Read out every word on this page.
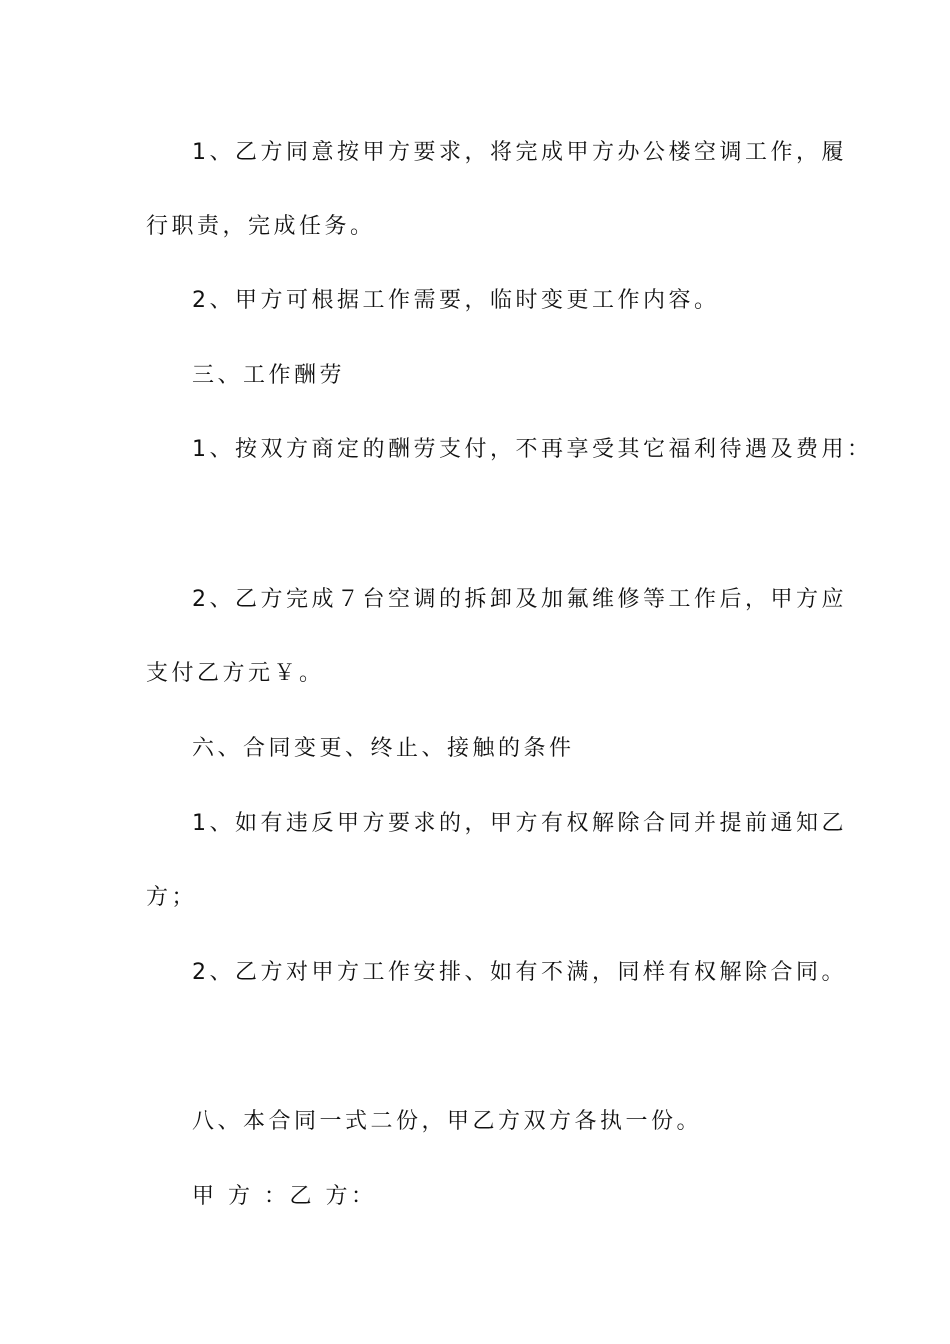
1、乙方同意按甲方要求，将完成甲方办公楼空调工作，履
行职责，完成任务。
2、甲方可根据工作需要，临时变更工作内容。
三、工作酬劳
1、按双方商定的酬劳支付，不再享受其它福利待遇及费用：
2、乙方完成７台空调的拆卸及加氟维修等工作后，甲方应
支付乙方元￥。
六、合同变更、终止、接触的条件
1、如有违反甲方要求的，甲方有权解除合同并提前通知乙
方；
2、乙方对甲方工作安排、如有不满，同样有权解除合同。
八、本合同一式二份，甲乙方双方各执一份。
甲 方 ：乙 方：
